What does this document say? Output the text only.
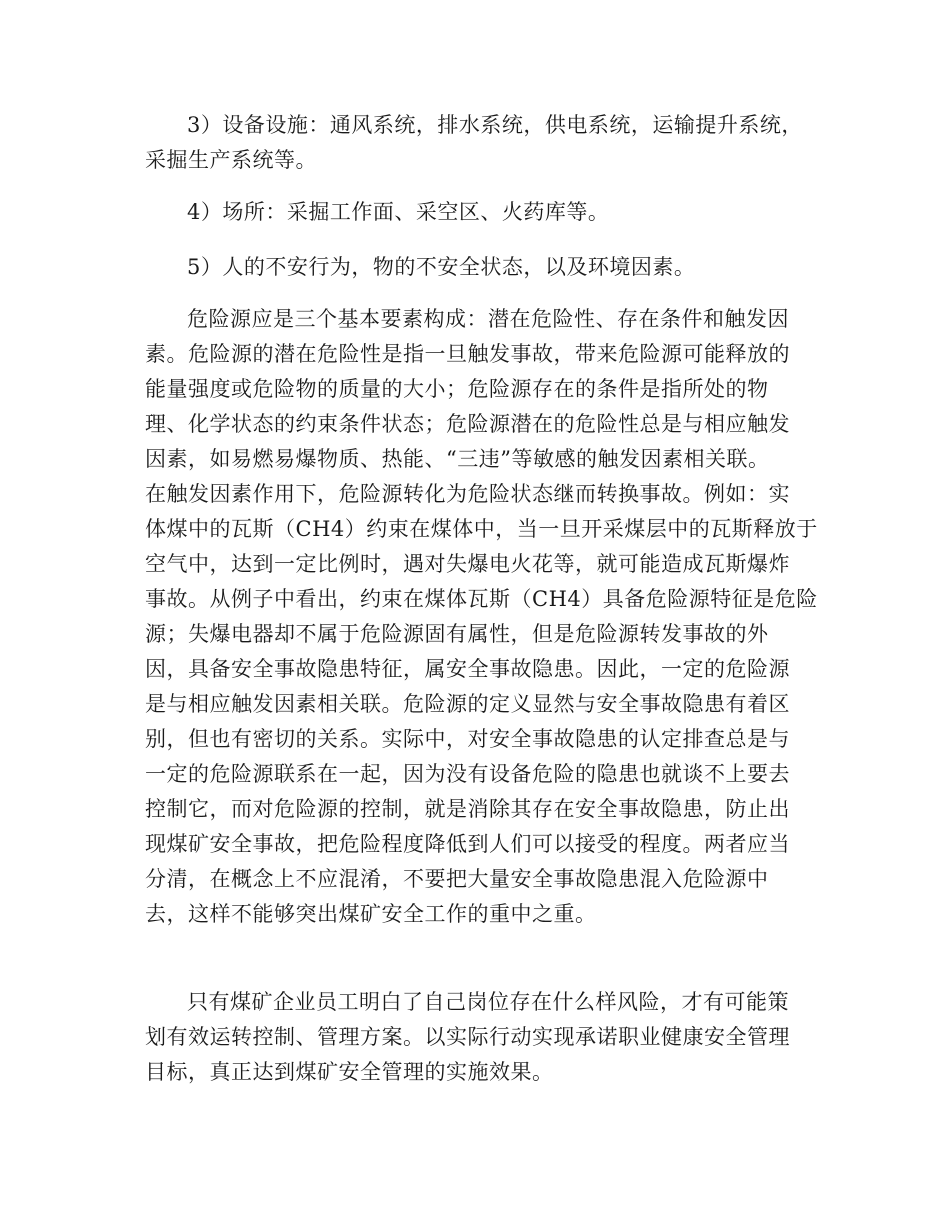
3）设备设施：通风系统，排水系统，供电系统，运输提升系统，
采掘生产系统等。
4）场所：采掘工作面、采空区、火药库等。
5）人的不安行为，物的不安全状态，以及环境因素。
危险源应是三个基本要素构成：潜在危险性、存在条件和触发因
素。危险源的潜在危险性是指一旦触发事故，带来危险源可能释放的
能量强度或危险物的质量的大小；危险源存在的条件是指所处的物
理、化学状态的约束条件状态；危险源潜在的危险性总是与相应触发
因素，如易燃易爆物质、热能、“三违”等敏感的触发因素相关联。
在触发因素作用下，危险源转化为危险状态继而转换事故。例如：实
体煤中的瓦斯（CH4）约束在煤体中，当一旦开采煤层中的瓦斯释放于
空气中，达到一定比例时，遇对失爆电火花等，就可能造成瓦斯爆炸
事故。从例子中看出，约束在煤体瓦斯（CH4）具备危险源特征是危险
源；失爆电器却不属于危险源固有属性，但是危险源转发事故的外
因，具备安全事故隐患特征，属安全事故隐患。因此，一定的危险源
是与相应触发因素相关联。危险源的定义显然与安全事故隐患有着区
别，但也有密切的关系。实际中，对安全事故隐患的认定排查总是与
一定的危险源联系在一起，因为没有设备危险的隐患也就谈不上要去
控制它，而对危险源的控制，就是消除其存在安全事故隐患，防止出
现煤矿安全事故，把危险程度降低到人们可以接受的程度。两者应当
分清，在概念上不应混淆，不要把大量安全事故隐患混入危险源中
去，这样不能够突出煤矿安全工作的重中之重。
只有煤矿企业员工明白了自己岗位存在什么样风险，才有可能策
划有效运转控制、管理方案。以实际行动实现承诺职业健康安全管理
目标，真正达到煤矿安全管理的实施效果。
